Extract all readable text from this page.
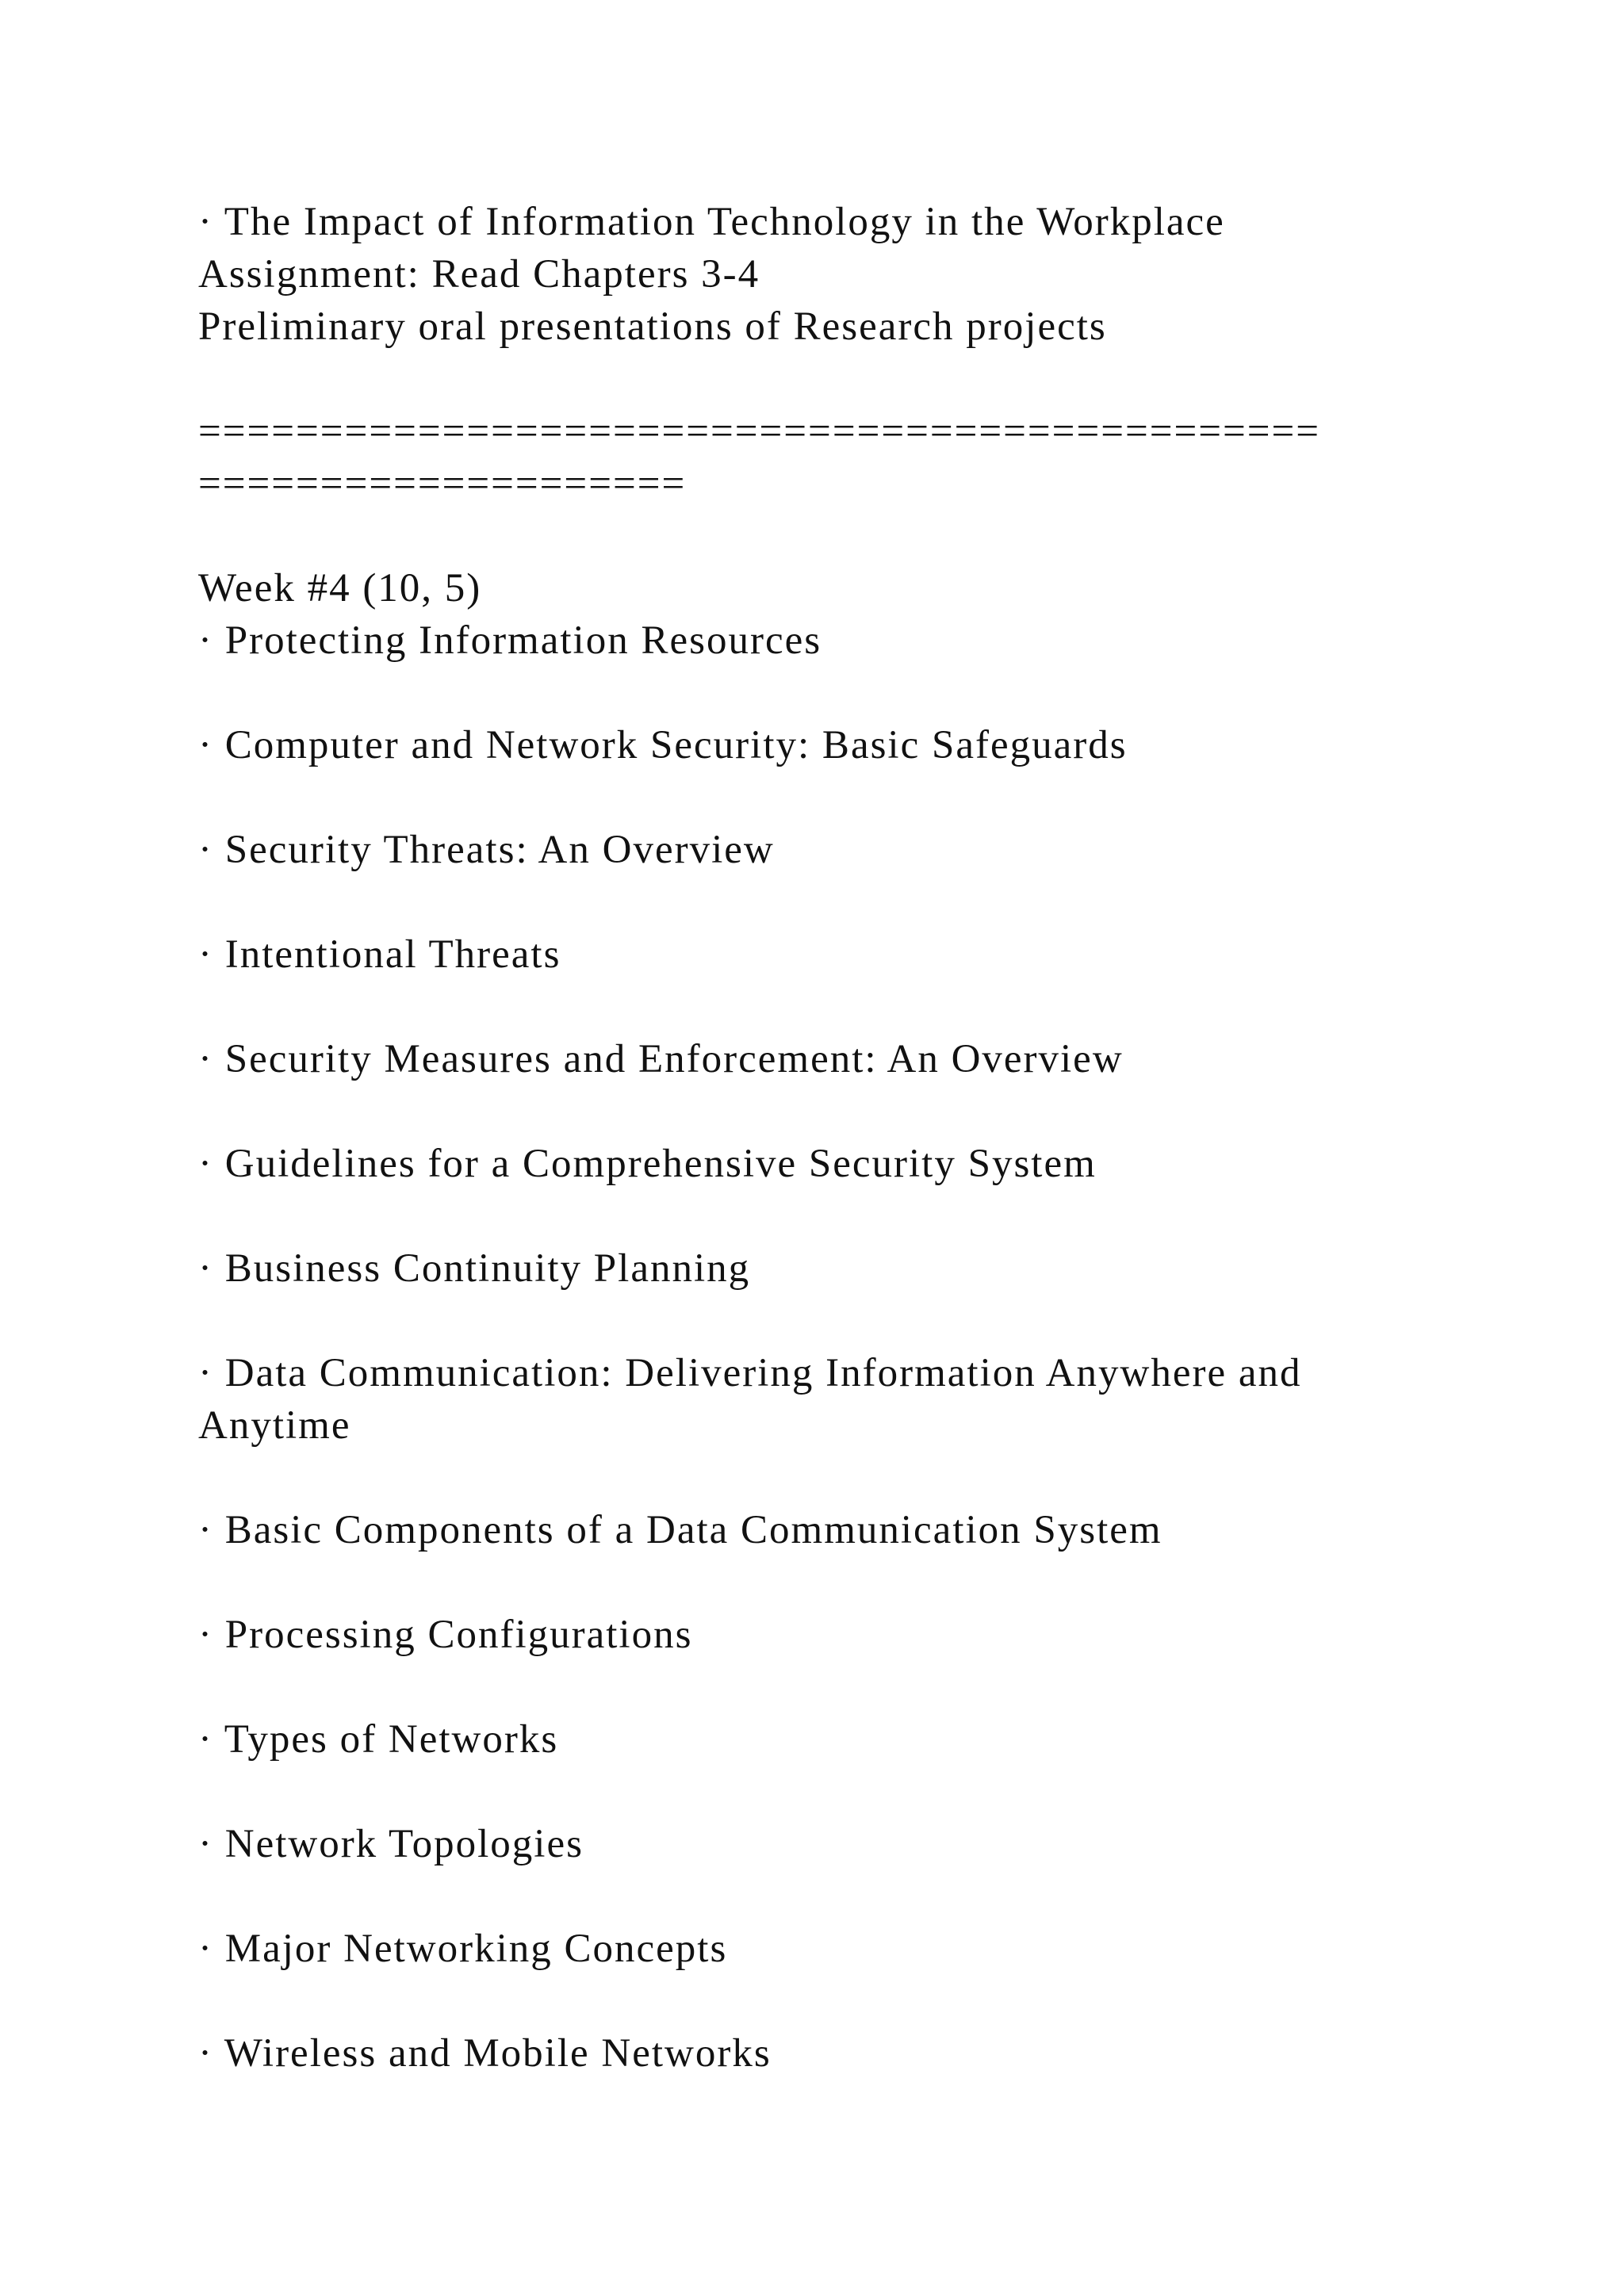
· The Impact of Information Technology in the Workplace
Assignment: Read Chapters 3-4
Preliminary oral presentations of Research projects
==============================================
====================
Week #4 (10, 5)
· Protecting Information Resources
· Computer and Network Security: Basic Safeguards
· Security Threats: An Overview
· Intentional Threats
· Security Measures and Enforcement: An Overview
· Guidelines for a Comprehensive Security System
· Business Continuity Planning
· Data Communication: Delivering Information Anywhere and
Anytime
· Basic Components of a Data Communication System
· Processing Configurations
· Types of Networks
· Network Topologies
· Major Networking Concepts
· Wireless and Mobile Networks
